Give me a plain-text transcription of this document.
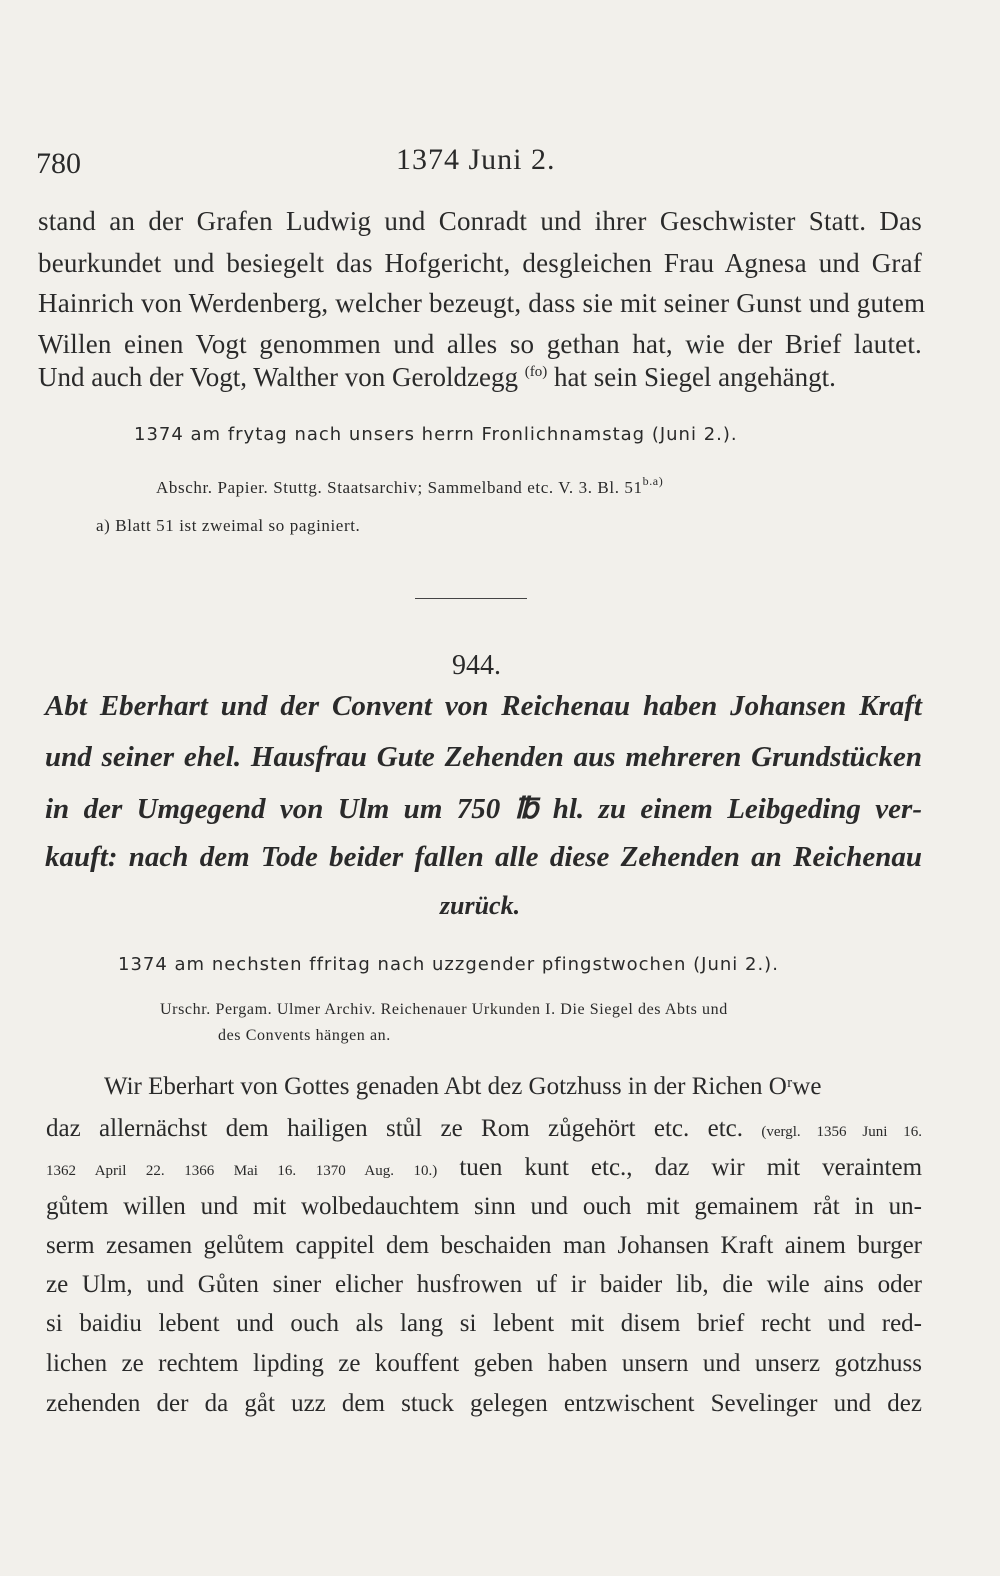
780	1374 Juni 2.
stand an der Grafen Ludwig und Conradt und ihrer Geschwister Statt. Das
beurkundet und besiegelt das Hofgericht, desgleichen Frau Agnesa und Graf
Hainrich von Werdenberg, welcher bezeugt, dass sie mit seiner Gunst und gutem
Willen einen Vogt genommen und alles so gethan hat, wie der Brief lautet.
Und auch der Vogt, Walther von Geroldzegg $^{(fo)}$ hat sein Siegel angehängt.
1374 am frytag nach unsers herrn Fronlichnamstag (Juni 2.).
Abschr. Papier. Stuttg. Staatsarchiv; Sammelband etc. V. 3. Bl. $51^{b.a)}$
a) Blatt 51 ist zweimal so paginiert.
944.
Abt Eberhart und der Convent von Reichenau haben Johansen Kraft
und seiner ehel. Hausfrau Gute Zehenden aus mehreren Grundstücken
in der Umgegend von Ulm um 750 ℔ hl. zu einem Leibgeding ver-
kauft: nach dem Tode beider fallen alle diese Zehenden an Reichenau
zurück.
1374 am nechsten ffritag nach uzzgender pfingstwochen (Juni 2.).
Urschr. Pergam. Ulmer Archiv. Reichenauer Urkunden I. Die Siegel des Abts und
des Convents hängen an.
Wir Eberhart von Gottes genaden Abt dez Gotzhuss in der Richen Oʳwe
daz allernächst dem hailigen stůl ze Rom zůgehört etc. etc. (vergl. 1356 Juni 16.
1362 April 22. 1366 Mai 16. 1370 Aug. 10.) tuen kunt etc., daz wir mit veraintem
gůtem willen und mit wolbedauchtem sinn und ouch mit gemainem råt in un-
serm zesamen gelůtem cappitel dem beschaiden man Johansen Kraft ainem burger
ze Ulm, und Gůten siner elicher husfrowen uf ir baider lib, die wile ains oder
si baidiu lebent und ouch als lang si lebent mit disem brief recht und red-
lichen ze rechtem lipding ze kouffent geben haben unsern und unserz gotzhuss
zehenden der da gåt uzz dem stuck gelegen entzwischent Sevelinger und dez
